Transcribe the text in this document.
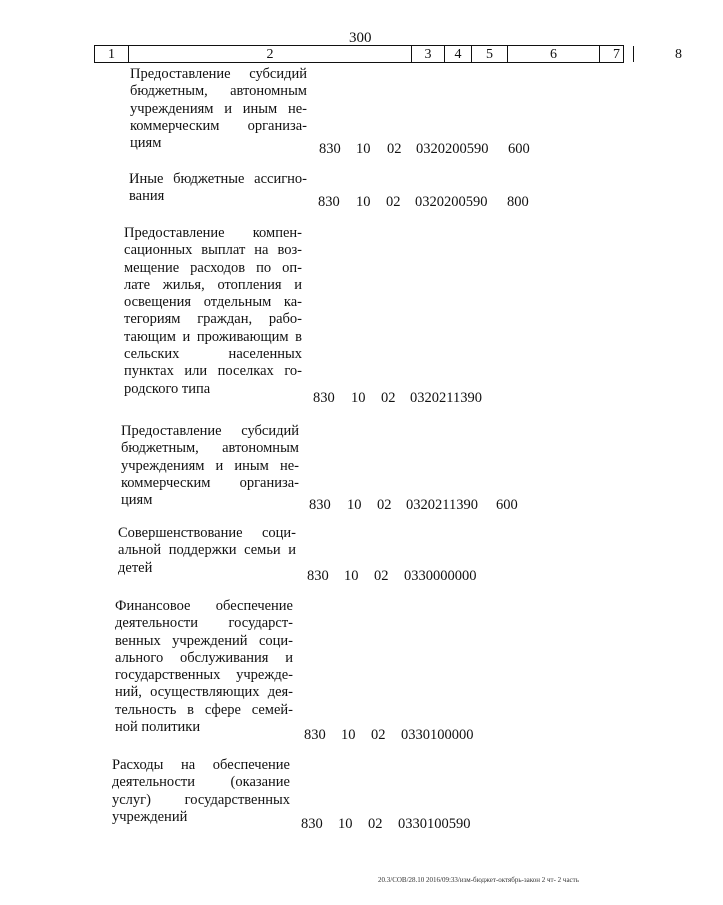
300
1	2	3	4	5	6	7	8
Предоставление субсидий
бюджетным, автономным
учреждениям и иным не-
коммерческим организа-
циям	830 10 02 0320200590 600
Иные бюджетные ассигно-
вания	830 10 02 0320200590 800
Предоставление компен-
сационных выплат на воз-
мещение расходов по оп-
лате жилья, отопления и
освещения отдельным ка-
тегориям граждан, рабо-
тающим и проживающим в
сельских населенных
пунктах или поселках го-
родского типа
830 10 02 0320211390
Предоставление субсидий
бюджетным, автономным
учреждениям и иным не-
коммерческим организа-
циям	830 10 02 0320211390 600
Совершенствование соци-
альной поддержки семьи и
детей
830 10 02 0330000000
Финансовое обеспечение
деятельности государст-
венных учреждений соци-
ального обслуживания и
государственных учрежде-
ний, осуществляющих дея-
тельность в сфере семей-
ной политики	830 10 02 0330100000
Расходы на обеспечение
деятельности (оказание
услуг) государственных
учреждений	830 10 02 0330100590
20.3/СОВ/28.10 2016/09:33/изм-бюджет-октябрь-закон 2 чт- 2 часть
